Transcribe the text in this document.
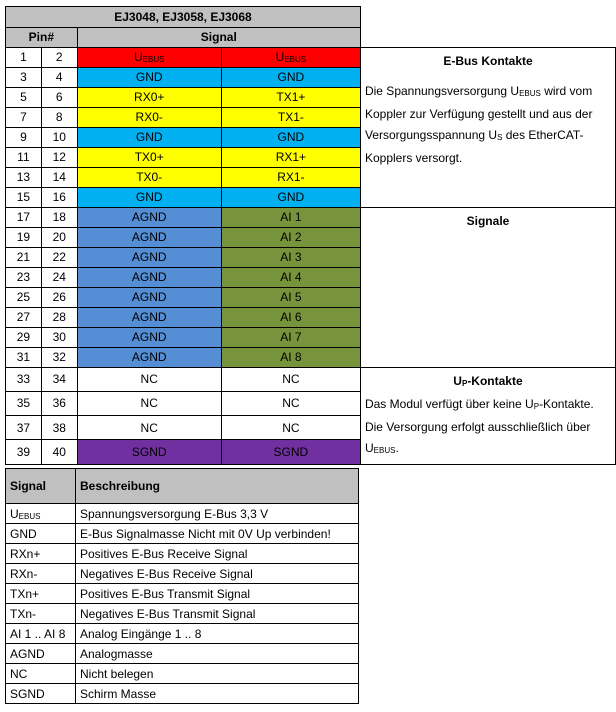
EJ3048, EJ3058, EJ3068				
Pin#		Signal		
1	2	$U_{EBUS}$	$U_{EBUS}$	E-Bus Kontakte
Die Spannungsversorgung $U_{EBUS}$ wird vom Koppler zur Verfügung gestellt und aus der Versorgungsspannung $U_S$ des EtherCAT-Kopplers versorgt.

3	4	GND	GND	
5	6	RX0+	TX1+	
7	8	RX0-	TX1-	
9	10	GND	GND	
11	12	TX0+	RX1+	
13	14	TX0-	RX1-	
15	16	GND	GND	
17	18	AGND	AI 1	Signale

19	20	AGND	AI 2	
21	22	AGND	AI 3	
23	24	AGND	AI 4	
25	26	AGND	AI 5	
27	28	AGND	AI 6	
29	30	AGND	AI 7	
31	32	AGND	AI 8	
33	34	NC	NC	$U_P$-Kontakte
Das Modul verfügt über keine $U_P$-Kontakte. Die Versorgung erfolgt ausschließlich über $U_{EBUS}$.

35	36	NC	NC	
37	38	NC	NC	
39	40	SGND	SGND	
Signal	Beschreibung
$U_{EBUS}$	Spannungsversorgung E-Bus 3,3 V
GND	E-Bus Signalmasse Nicht mit 0V Up verbinden!
RXn+	Positives E-Bus Receive Signal
RXn-	Negatives E-Bus Receive Signal
TXn+	Positives E-Bus Transmit Signal
TXn-	Negatives E-Bus Transmit Signal
AI 1 .. AI 8	Analog Eingänge 1 .. 8
AGND	Analogmasse
NC	Nicht belegen
SGND	Schirm Masse
